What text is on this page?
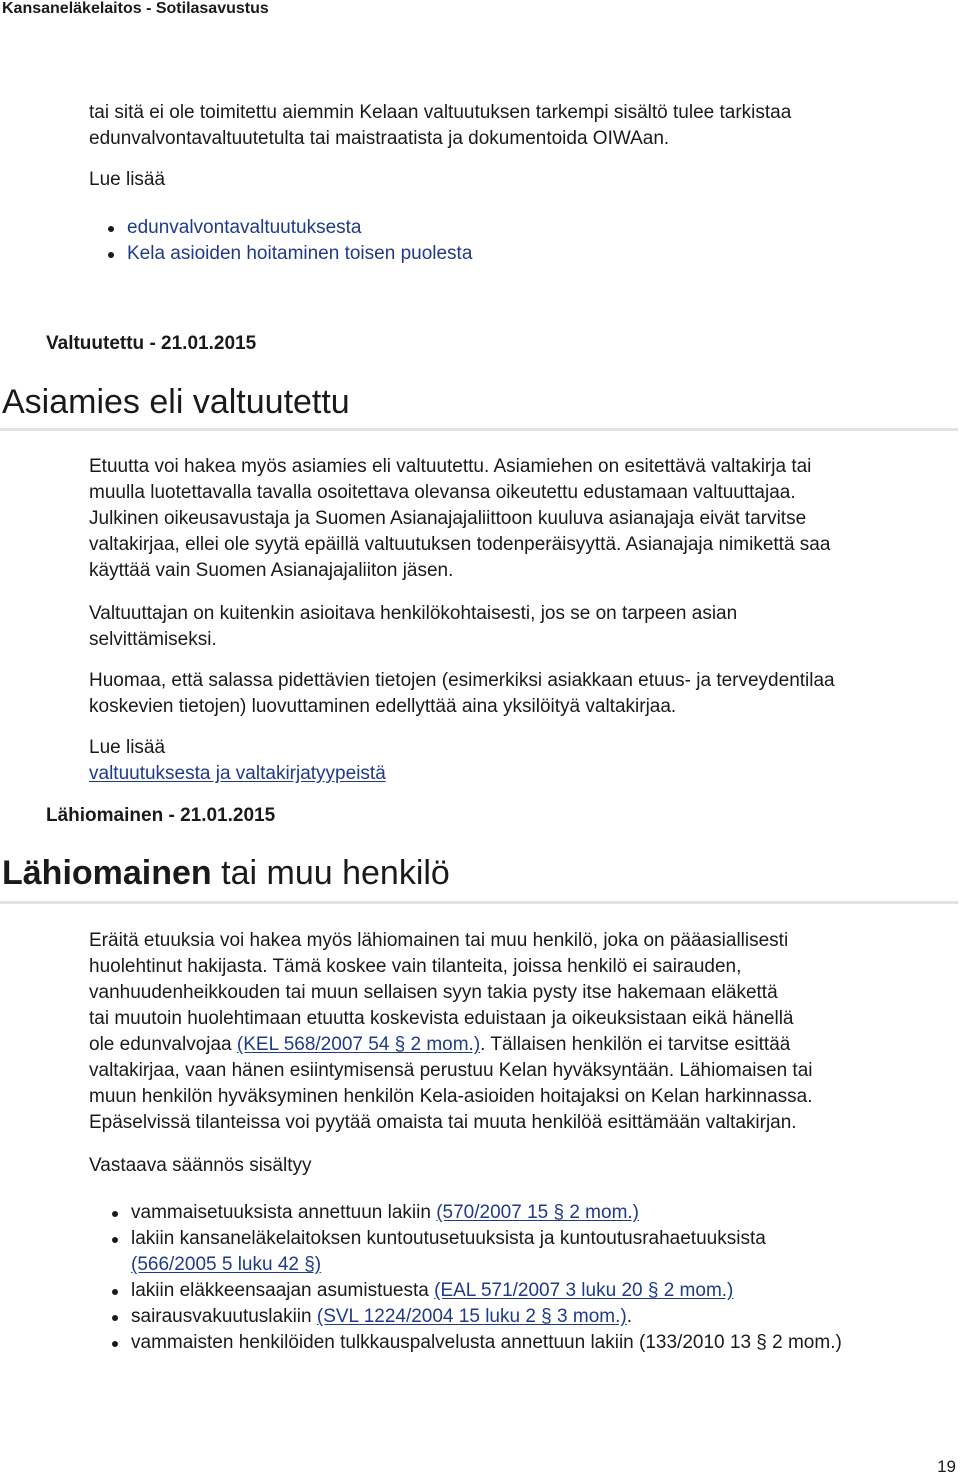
Kansaneläkelaitos - Sotilasavustus

tai sitä ei ole toimitettu aiemmin Kelaan valtuutuksen tarkempi sisältö tulee tarkistaa

edunvalvontavaltuutetulta tai maistraatista ja dokumentoida OIWAan.

Lue lisää
edunvalvontavaltuutuksesta
Kela asioiden hoitaminen toisen puolesta
Valtuutettu - 21.01.2015
Asiamies eli valtuutettu

Etuutta voi hakea myös asiamies eli valtuutettu. Asiamiehen on esitettävä valtakirja tai

muulla luotettavalla tavalla osoitettava olevansa oikeutettu edustamaan valtuuttajaa.

Julkinen oikeusavustaja ja Suomen Asianajajaliittoon kuuluva asianajaja eivät tarvitse

valtakirjaa, ellei ole syytä epäillä valtuutuksen todenperäisyyttä. Asianajaja nimikettä saa

käyttää vain Suomen Asianajajaliiton jäsen.

Valtuuttajan on kuitenkin asioitava henkilökohtaisesti, jos se on tarpeen asian

selvittämiseksi.

Huomaa, että salassa pidettävien tietojen (esimerkiksi asiakkaan etuus- ja terveydentilaa

koskevien tietojen) luovuttaminen edellyttää aina yksilöityä valtakirjaa.

Lue lisää

valtuutuksesta ja valtakirjatyypeistä

Lähiomainen - 21.01.2015
Lähiomainen tai muu henkilö

Eräitä etuuksia voi hakea myös lähiomainen tai muu henkilö, joka on pääasiallisesti

huolehtinut hakijasta. Tämä koskee vain tilanteita, joissa henkilö ei sairauden,

vanhuudenheikkouden tai muun sellaisen syyn takia pysty itse hakemaan eläkettä

tai muutoin huolehtimaan etuutta koskevista eduistaan ja oikeuksistaan eikä hänellä

ole edunvalvojaa (KEL 568/2007 54 § 2 mom.). Tällaisen henkilön ei tarvitse esittää

valtakirjaa, vaan hänen esiintymisensä perustuu Kelan hyväksyntään. Lähiomaisen tai

muun henkilön hyväksyminen henkilön Kela-asioiden hoitajaksi on Kelan harkinnassa.

Epäselvissä tilanteissa voi pyytää omaista tai muuta henkilöä esittämään valtakirjan.

Vastaava säännös sisältyy
vammaisetuuksista annettuun lakiin (570/2007 15 § 2 mom.)
lakiin kansaneläkelaitoksen kuntoutusetuuksista ja kuntoutusrahaetuuksista
(566/2005 5 luku 42 §)
lakiin eläkkeensaajan asumistuesta (EAL 571/2007 3 luku 20 § 2 mom.)
sairausvakuutuslakiin (SVL 1224/2004 15 luku 2 § 3 mom.).
vammaisten henkilöiden tulkkauspalvelusta annettuun lakiin (133/2010 13 § 2 mom.)
19
